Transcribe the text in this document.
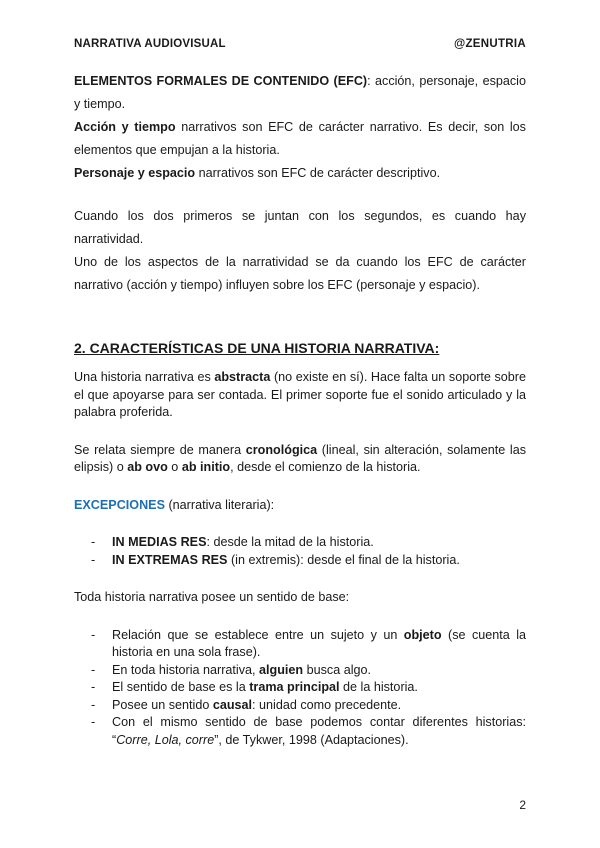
NARRATIVA AUDIOVISUAL	@ZENUTRIA

ELEMENTOS FORMALES DE CONTENIDO (EFC): acción, personaje, espacio y tiempo.

Acción y tiempo narrativos son EFC de carácter narrativo. Es decir, son los elementos que empujan a la historia.

Personaje y espacio narrativos son EFC de carácter descriptivo.

Cuando los dos primeros se juntan con los segundos, es cuando hay narratividad.

Uno de los aspectos de la narratividad se da cuando los EFC de carácter narrativo (acción y tiempo) influyen sobre los EFC (personaje y espacio).

2. CARACTERÍSTICAS DE UNA HISTORIA NARRATIVA:

Una historia narrativa es abstracta (no existe en sí). Hace falta un soporte sobre el que apoyarse para ser contada. El primer soporte fue el sonido articulado y la palabra proferida.

Se relata siempre de manera cronológica (lineal, sin alteración, solamente las elipsis) o ab ovo o ab initio, desde el comienzo de la historia.

EXCEPCIONES (narrativa literaria):

- IN MEDIAS RES: desde la mitad de la historia.
- IN EXTREMAS RES (in extremis): desde el final de la historia.

Toda historia narrativa posee un sentido de base:

- Relación que se establece entre un sujeto y un objeto (se cuenta la historia en una sola frase).
- En toda historia narrativa, alguien busca algo.
- El sentido de base es la trama principal de la historia.
- Posee un sentido causal: unidad como precedente.
- Con el mismo sentido de base podemos contar diferentes historias: “Corre, Lola, corre”, de Tykwer, 1998 (Adaptaciones).
2
